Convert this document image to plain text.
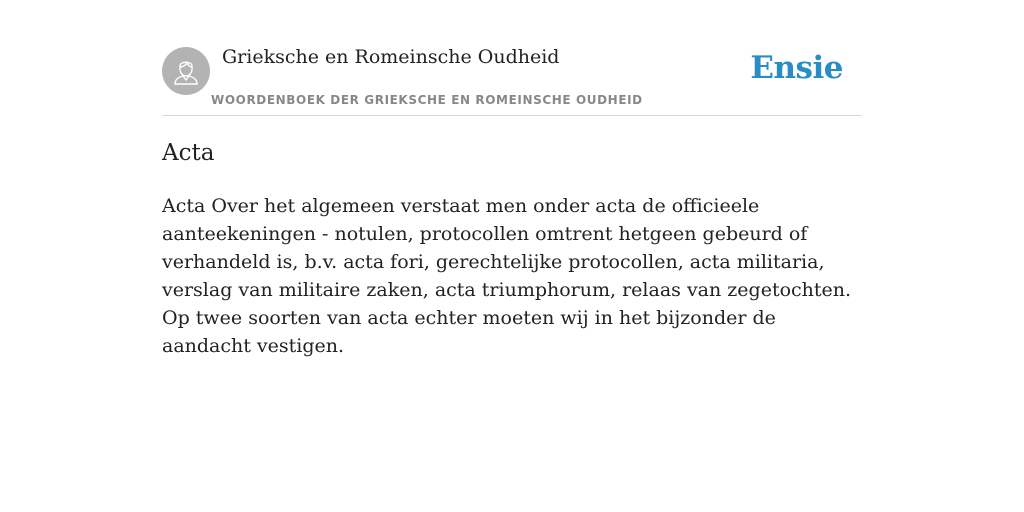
Grieksche en Romeinsche Oudheid
WOORDENBOEK DER GRIEKSCHE EN ROMEINSCHE OUDHEID
Ensie
Acta

Acta Over het algemeen verstaat men onder acta de officieele aanteekeningen - notulen, protocollen omtrent hetgeen gebeurd of verhandeld is, b.v. acta fori, gerechtelijke protocollen, acta militaria, verslag van militaire zaken, acta triumphorum, relaas van zegetochten. Op twee soorten van acta echter moeten wij in het bijzonder de aandacht vestigen.
